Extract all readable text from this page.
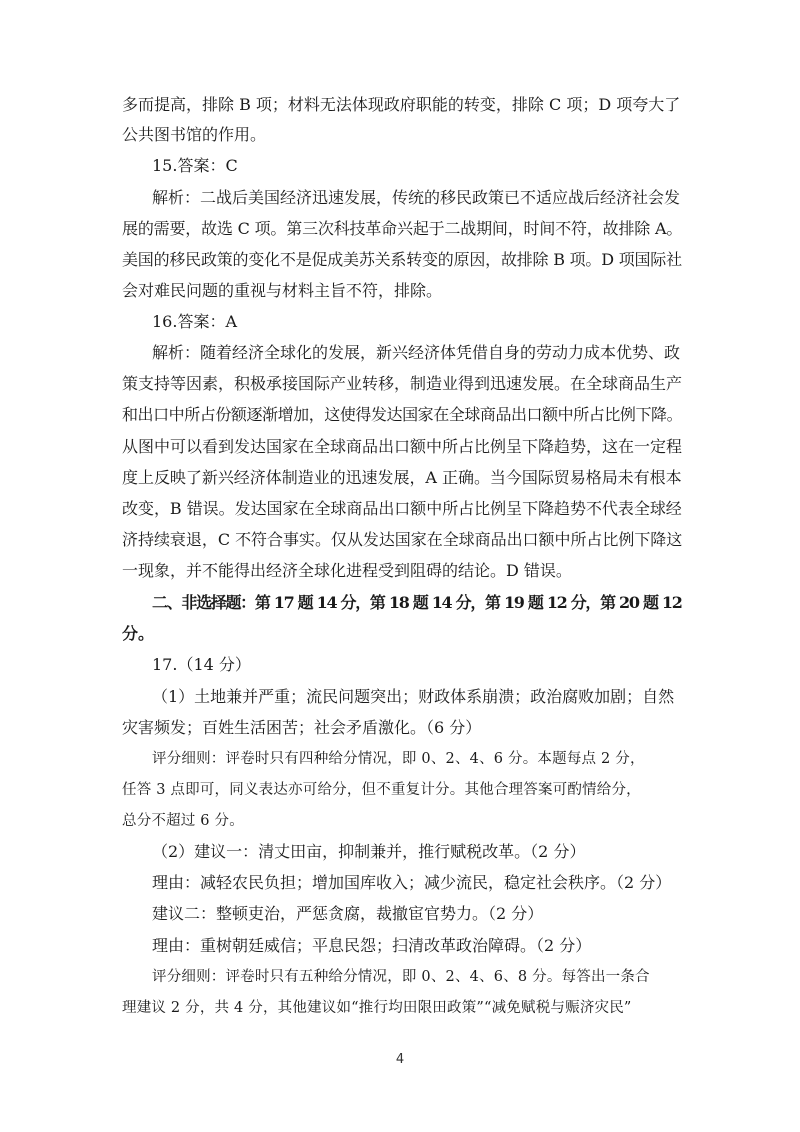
多而提高，排除 B 项；材料无法体现政府职能的转变，排除 C 项；D 项夸大了
公共图书馆的作用。
15.答案：C
解析：二战后美国经济迅速发展，传统的移民政策已不适应战后经济社会发
展的需要，故选 C 项。第三次科技革命兴起于二战期间，时间不符，故排除 A。
美国的移民政策的变化不是促成美苏关系转变的原因，故排除 B 项。D 项国际社
会对难民问题的重视与材料主旨不符，排除。
16.答案：A
解析：随着经济全球化的发展，新兴经济体凭借自身的劳动力成本优势、政
策支持等因素，积极承接国际产业转移，制造业得到迅速发展。在全球商品生产
和出口中所占份额逐渐增加，这使得发达国家在全球商品出口额中所占比例下降。
从图中可以看到发达国家在全球商品出口额中所占比例呈下降趋势，这在一定程
度上反映了新兴经济体制造业的迅速发展，A 正确。当今国际贸易格局未有根本
改变，B 错误。发达国家在全球商品出口额中所占比例呈下降趋势不代表全球经
济持续衰退，C 不符合事实。仅从发达国家在全球商品出口额中所占比例下降这
一现象，并不能得出经济全球化进程受到阻碍的结论。D 错误。
二、非选择题：第 17 题 14 分，第 18 题 14 分，第 19 题 12 分，第 20 题 12
分。
17.（14 分）
（1）土地兼并严重；流民问题突出；财政体系崩溃；政治腐败加剧；自然
灾害频发；百姓生活困苦；社会矛盾激化。（6 分）
评分细则：评卷时只有四种给分情况，即 0、2、4、6 分。本题每点 2 分，
任答 3 点即可，同义表达亦可给分，但不重复计分。其他合理答案可酌情给分，
总分不超过 6 分。
（2）建议一：清丈田亩，抑制兼并，推行赋税改革。（2 分）
理由：减轻农民负担；增加国库收入；减少流民，稳定社会秩序。（2 分）
建议二：整顿吏治，严惩贪腐，裁撤宦官势力。（2 分）
理由：重树朝廷威信；平息民怨；扫清改革政治障碍。（2 分）
评分细则：评卷时只有五种给分情况，即 0、2、4、6、8 分。每答出一条合
理建议 2 分，共 4 分，其他建议如“推行均田限田政策”“减免赋税与赈济灾民”
4
